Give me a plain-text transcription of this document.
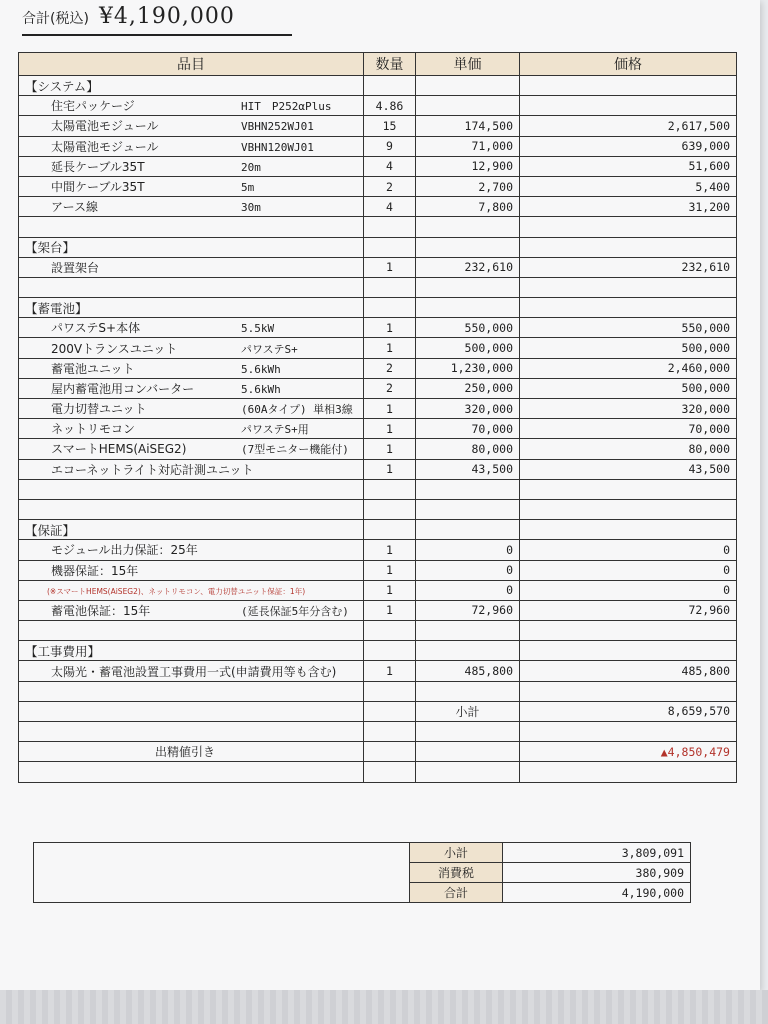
合計(税込) ¥4,190,000
品目	数量	単価	価格
【システム】			
住宅パッケージ HIT　P252αPlus	4.86		
太陽電池モジュール VBHN252WJ01	15	174,500	2,617,500
太陽電池モジュール VBHN120WJ01	9	71,000	639,000
延長ケーブル35T 20m	4	12,900	51,600
中間ケーブル35T 5m	2	2,700	5,400
アース線 30m	4	7,800	31,200

【架台】			
設置架台	1	232,610	232,610

【蓄電池】			
パワステS+本体 5.5kW	1	550,000	550,000
200Vトランスユニット パワステS+	1	500,000	500,000
蓄電池ユニット 5.6kWh	2	1,230,000	2,460,000
屋内蓄電池用コンバーター 5.6kWh	2	250,000	500,000
電力切替ユニット (60Aタイプ) 単相3線	1	320,000	320,000
ネットリモコン パワステS+用	1	70,000	70,000
スマートHEMS(AiSEG2) (7型モニター機能付)	1	80,000	80,000
エコーネットライト対応計測ユニット	1	43,500	43,500

【保証】			
モジュール出力保証：25年	1	0	0
機器保証：15年	1	0	0
(※スマートHEMS(AiSEG2)、ネットリモコン、電力切替ユニット保証：1年)	1	0	0
蓄電池保証：15年 (延長保証5年分含む)	1	72,960	72,960

【工事費用】			
太陽光・蓄電池設置工事費用一式(申請費用等も含む)	1	485,800	485,800

		小計	8,659,570

出精値引き			▲4,850,479

	小計	3,809,091
	消費税	380,909
	合計	4,190,000
